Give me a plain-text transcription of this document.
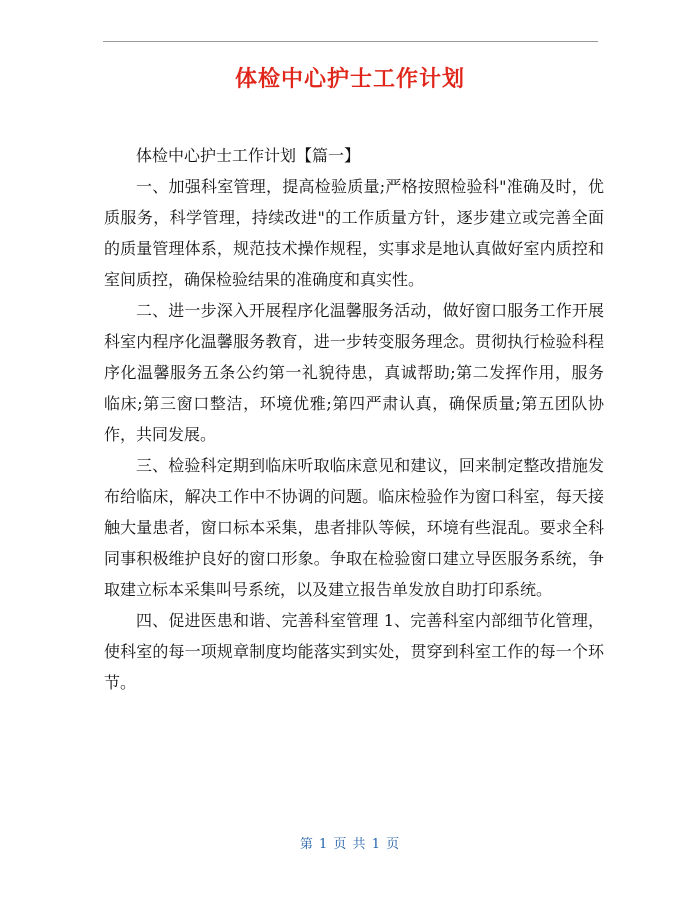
体检中心护士工作计划

体检中心护士工作计划【篇一】

一、加强科室管理，提高检验质量;严格按照检验科"准确及时，优质服务，科学管理，持续改进"的工作质量方针，逐步建立或完善全面的质量管理体系，规范技术操作规程，实事求是地认真做好室内质控和室间质控，确保检验结果的准确度和真实性。

二、进一步深入开展程序化温馨服务活动，做好窗口服务工作开展科室内程序化温馨服务教育，进一步转变服务理念。贯彻执行检验科程序化温馨服务五条公约第一礼貌待患，真诚帮助;第二发挥作用，服务临床;第三窗口整洁，环境优雅;第四严肃认真，确保质量;第五团队协作，共同发展。

三、检验科定期到临床听取临床意见和建议，回来制定整改措施发布给临床，解决工作中不协调的问题。临床检验作为窗口科室，每天接触大量患者，窗口标本采集，患者排队等候，环境有些混乱。要求全科同事积极维护良好的窗口形象。争取在检验窗口建立导医服务系统，争取建立标本采集叫号系统，以及建立报告单发放自助打印系统。

四、促进医患和谐、完善科室管理 1、完善科室内部细节化管理，使科室的每一项规章制度均能落实到实处，贯穿到科室工作的每一个环节。

第 1 页 共 1 页
